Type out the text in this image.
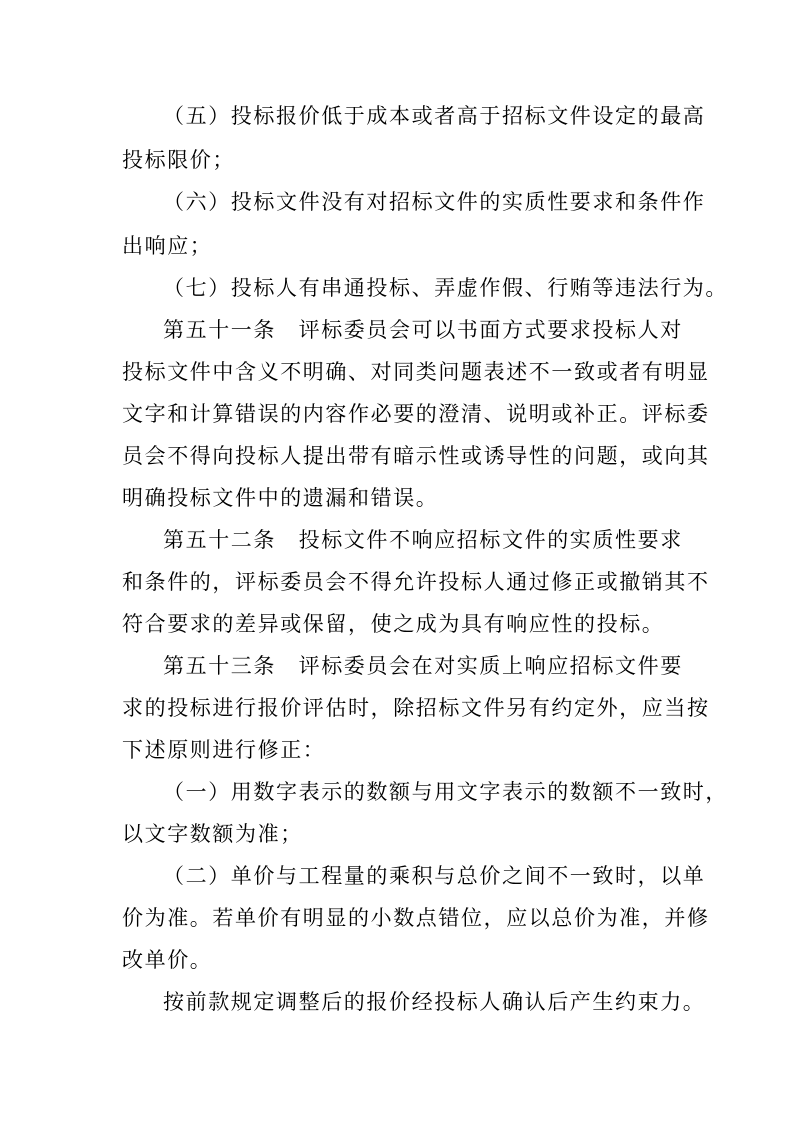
（五）投标报价低于成本或者高于招标文件设定的最高
投标限价；
（六）投标文件没有对招标文件的实质性要求和条件作
出响应；
（七）投标人有串通投标、弄虚作假、行贿等违法行为。
第五十一条　评标委员会可以书面方式要求投标人对
投标文件中含义不明确、对同类问题表述不一致或者有明显
文字和计算错误的内容作必要的澄清、说明或补正。评标委
员会不得向投标人提出带有暗示性或诱导性的问题，或向其
明确投标文件中的遗漏和错误。
第五十二条　投标文件不响应招标文件的实质性要求
和条件的，评标委员会不得允许投标人通过修正或撤销其不
符合要求的差异或保留，使之成为具有响应性的投标。
第五十三条　评标委员会在对实质上响应招标文件要
求的投标进行报价评估时，除招标文件另有约定外，应当按
下述原则进行修正：
（一）用数字表示的数额与用文字表示的数额不一致时，
以文字数额为准；
（二）单价与工程量的乘积与总价之间不一致时，以单
价为准。若单价有明显的小数点错位，应以总价为准，并修
改单价。
按前款规定调整后的报价经投标人确认后产生约束力。
